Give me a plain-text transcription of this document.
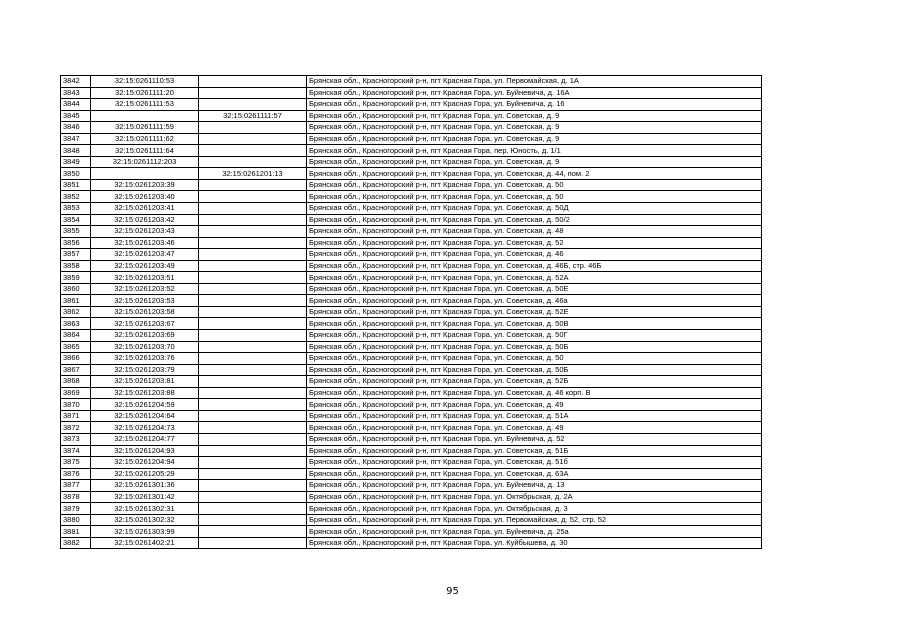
3842	32:15:0261110:53		Брянская обл., Красногорский р-н, пгт Красная Гора, ул. Первомайская, д. 1А
3843	32:15:0261111:20		Брянская обл., Красногорский р-н, пгт Красная Гора, ул. Буйневича, д. 16А
3844	32:15:0261111:53		Брянская обл., Красногорский р-н, пгт Красная Гора, ул. Буйневича, д. 16
3845		32:15:0261111:57	Брянская обл., Красногорский р-н, пгт Красная Гора, ул. Советская, д. 9
3846	32:15:0261111:59		Брянская обл., Красногорский р-н, пгт Красная Гора, ул. Советская, д. 9
3847	32:15:0261111:62		Брянская обл., Красногорский р-н, пгт Красная Гора, ул. Советская, д. 9
3848	32:15:0261111:64		Брянская обл., Красногорский р-н, пгт Красная Гора, пер. Юность, д. 1/1
3849	32:15:0261112:203		Брянская обл., Красногорский р-н, пгт Красная Гора, ул. Советская, д. 9
3850		32:15:0261201:13	Брянская обл., Красногорский р-н, пгт Красная Гора, ул. Советская, д. 44, пом. 2
3851	32:15:0261203:39		Брянская обл., Красногорский р-н, пгт Красная Гора, ул. Советская, д. 50
3852	32:15:0261203:40		Брянская обл., Красногорский р-н, пгт Красная Гора, ул. Советская, д. 50
3853	32:15:0261203:41		Брянская обл., Красногорский р-н, пгт Красная Гора, ул. Советская, д. 50Д
3854	32:15:0261203:42		Брянская обл., Красногорский р-н, пгт Красная Гора, ул. Советская, д. 50/2
3855	32:15:0261203:43		Брянская обл., Красногорский р-н, пгт Красная Гора, ул. Советская, д. 48
3856	32:15:0261203:46		Брянская обл., Красногорский р-н, пгт Красная Гора, ул. Советская, д. 52
3857	32:15:0261203:47		Брянская обл., Красногорский р-н, пгт Красная Гора, ул. Советская, д. 46
3858	32:15:0261203:49		Брянская обл., Красногорский р-н, пгт Красная Гора, ул. Советская, д. 46Б, стр. 46Б
3859	32:15:0261203:51		Брянская обл., Красногорский р-н, пгт Красная Гора, ул. Советская, д. 52А
3860	32:15:0261203:52		Брянская обл., Красногорский р-н, пгт Красная Гора, ул. Советская, д. 50Е
3861	32:15:0261203:53		Брянская обл., Красногорский р-н, пгт Красная Гора, ул. Советская, д. 46а
3862	32:15:0261203:58		Брянская обл., Красногорский р-н, пгт Красная Гора, ул. Советская, д. 52Е
3863	32:15:0261203:67		Брянская обл., Красногорский р-н, пгт Красная Гора, ул. Советская, д. 50В
3864	32:15:0261203:69		Брянская обл., Красногорский р-н, пгт Красная Гора, ул. Советская, д. 50Г
3865	32:15:0261203:70		Брянская обл., Красногорский р-н, пгт Красная Гора, ул. Советская, д. 50Б
3866	32:15:0261203:76		Брянская обл., Красногорский р-н, пгт Красная Гора, ул. Советская, д. 50
3867	32:15:0261203:79		Брянская обл., Красногорский р-н, пгт Красная Гора, ул. Советская, д. 50Б
3868	32:15:0261203:81		Брянская обл., Красногорский р-н, пгт Красная Гора, ул. Советская, д. 52Б
3869	32:15:0261203:88		Брянская обл., Красногорский р-н, пгт Красная Гора, ул. Советская, д. 46 корп. В
3870	32:15:0261204:59		Брянская обл., Красногорский р-н, пгт Красная Гора, ул. Советская, д. 49
3871	32:15:0261204:64		Брянская обл., Красногорский р-н, пгт Красная Гора, ул. Советская, д. 51А
3872	32:15:0261204:73		Брянская обл., Красногорский р-н, пгт Красная Гора, ул. Советская, д. 49
3873	32:15:0261204:77		Брянская обл., Красногорский р-н, пгт Красная Гора, ул. Буйневича, д. 52
3874	32:15:0261204:93		Брянская обл., Красногорский р-н, пгт Красная Гора, ул. Советская, д. 51Б
3875	32:15:0261204:94		Брянская обл., Красногорский р-н, пгт Красная Гора, ул. Советская, д. 51б
3876	32:15:0261205:29		Брянская обл., Красногорский р-н, пгт Красная Гора, ул. Советская, д. 63А
3877	32:15:0261301:36		Брянская обл., Красногорский р-н, пгт Красная Гора, ул. Буйневича, д. 13
3878	32:15:0261301:42		Брянская обл., Красногорский р-н, пгт Красная Гора, ул. Октябрьская, д. 2А
3879	32:15:0261302:31		Брянская обл., Красногорский р-н, пгт Красная Гора, ул. Октябрьская, д. 3
3880	32:15:0261302:32		Брянская обл., Красногорский р-н, пгт Красная Гора, ул. Первомайская, д. 52, стр. 52
3881	32:15:0261303:99		Брянская обл., Красногорский р-н, пгт Красная Гора, ул. Буйневича, д. 25а
3882	32:15:0261402:21		Брянская обл., Красногорский р-н, пгт Красная Гора, ул. Куйбышева, д. 30
95
